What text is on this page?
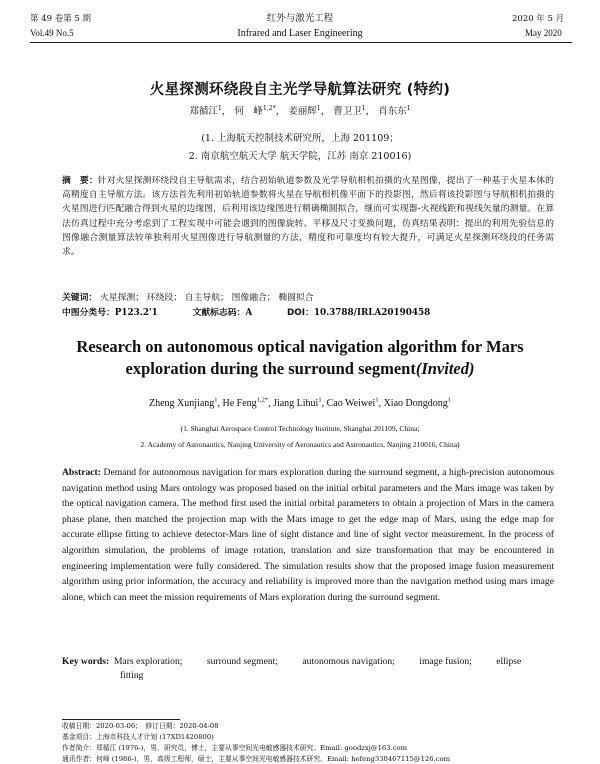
第 49 卷第 5 期	红外与激光工程	2020 年 5 月
Vol.49 No.5	Infrared and Laser Engineering	May 2020
火星探测环绕段自主光学导航算法研究 (特约)
郑循江$^1$， 何　峰$^{1,2*}$， 姜丽辉$^1$， 曹卫卫$^1$， 肖东东$^1$
(1. 上海航天控制技术研究所，上海 201109；
2. 南京航空航天大学 航天学院，江苏 南京 210016)
摘　要：针对火星探测环绕段自主导航需求，结合初始轨道参数及光学导航相机拍摄的火星图像，提出了一种基于火星本体的高精度自主导航方法。该方法首先利用初始轨道参数将火星在导航相机像平面下的投影图，然后将该投影图与导航相机拍摄的火星图进行匹配融合得到火星的边缘图，后利用该边缘图进行精确椭圆拟合，继而可实现器-火视线距和视线矢量的测量。在算法仿真过程中充分考虑到了工程实现中可能会遇到的图像旋转、平移及尺寸变换问题，仿真结果表明：提出的利用先验信息的图像融合测量算法较单独利用火星图像进行导航测量的方法，精度和可靠度均有较大提升，可满足火星探测环绕段的任务需求。
关键词： 火星探测； 环绕段； 自主导航； 图像融合； 椭圆拟合
中图分类号：P123.2'1	文献标志码：A	DOI：10.3788/IRLA20190458
Research on autonomous optical navigation algorithm for Mars
exploration during the surround segment(Invited)
Zheng Xunjiang$^1$, He Feng$^{1,2*}$, Jiang Lihui$^1$, Cao Weiwei$^1$, Xiao Dongdong$^1$
(1. Shanghai Aerospace Control Technology Institute, Shanghai 201109, China;
2. Academy of Astronautics, Nanjing University of Aeronautics and Astronautics, Nanjing 210016, China)
Abstract: Demand for autonomous navigation for mars exploration during the surround segment, a high-precision autonomous navigation method using Mars ontology was proposed based on the initial orbital parameters and the Mars image was taken by the optical navigation camera. The method first used the initial orbital parameters to obtain a projection of Mars in the camera phase plane, then matched the projection map with the Mars image to get the edge map of Mars, using the edge map for accurate ellipse fitting to achieve detector-Mars line of sight distance and line of sight vector measurement. In the process of algorithm simulation, the problems of image rotation, translation and size transformation that may be encountered in engineering implementation were fully considered. The simulation results show that the proposed image fusion measurement algorithm using prior information, the accuracy and reliability is improved more than the navigation method using mars image alone, which can meet the mission requirements of Mars exploration during the surround segment.
Key words: Mars exploration;	surround segment;	autonomous navigation;	image fusion;	ellipse
fitting
收稿日期：2020-03-06；　修订日期：2020-04-08
基金项目：上海市科技人才计划 (17XD1420800)
作者简介：郑循江 (1976-)，男，研究员，博士，主要从事空间光电敏感器技术研究。Email: goodzxj@163.com
通讯作者：何峰 (1986-)，男，高级工程师，硕士，主要从事空间光电敏感器技术研究。Email: hefeng330467115@126.com
